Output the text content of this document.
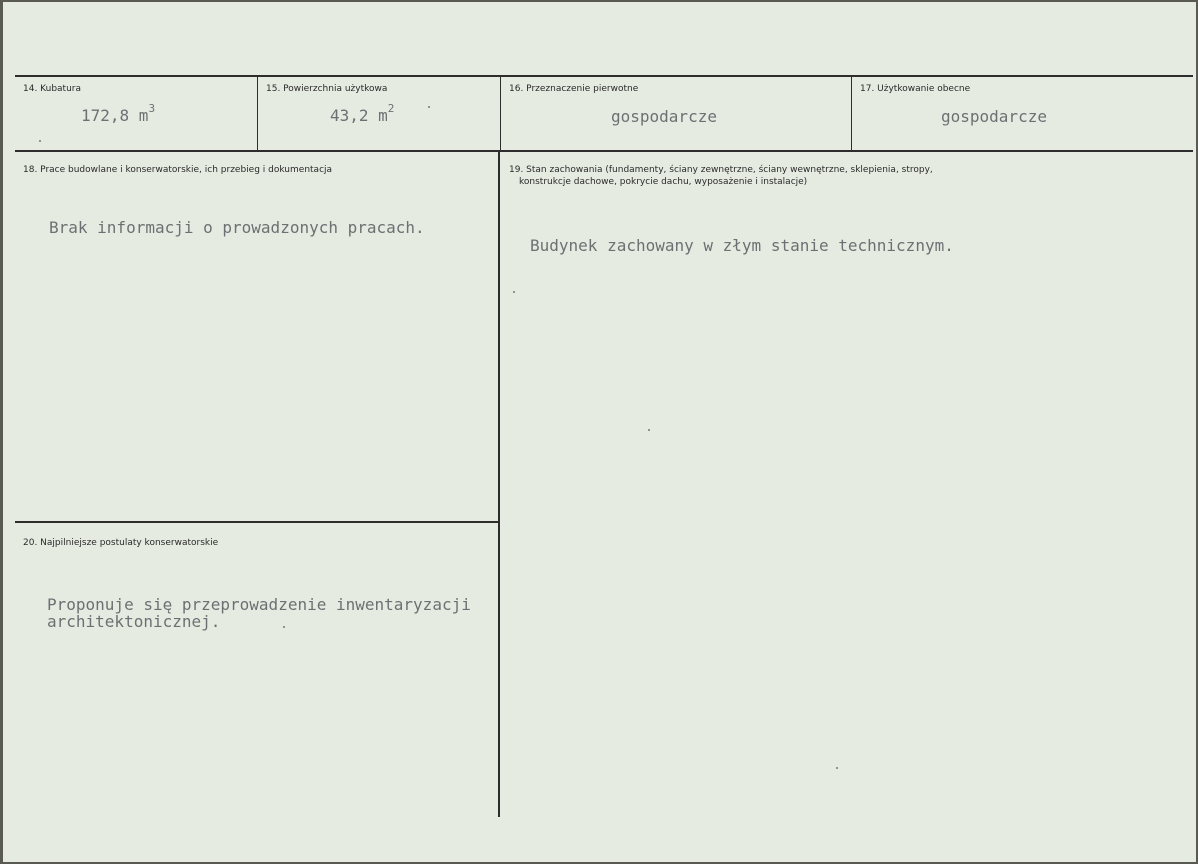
14. Kubatura
172,8 $m^3$
15. Powierzchnia użytkowa
43,2 $m^2$
16. Przeznaczenie pierwotne
gospodarcze
17. Użytkowanie obecne
gospodarcze
18. Prace budowlane i konserwatorskie, ich przebieg i dokumentacja
Brak informacji o prowadzonych pracach.
19. Stan zachowania (fundamenty, ściany zewnętrzne, ściany wewnętrzne, sklepienia, stropy,
konstrukcje dachowe, pokrycie dachu, wyposażenie i instalacje)
Budynek zachowany w złym stanie technicznym.
20. Najpilniejsze postulaty konserwatorskie
Proponuje się przeprowadzenie inwentaryzacji
architektonicznej.
